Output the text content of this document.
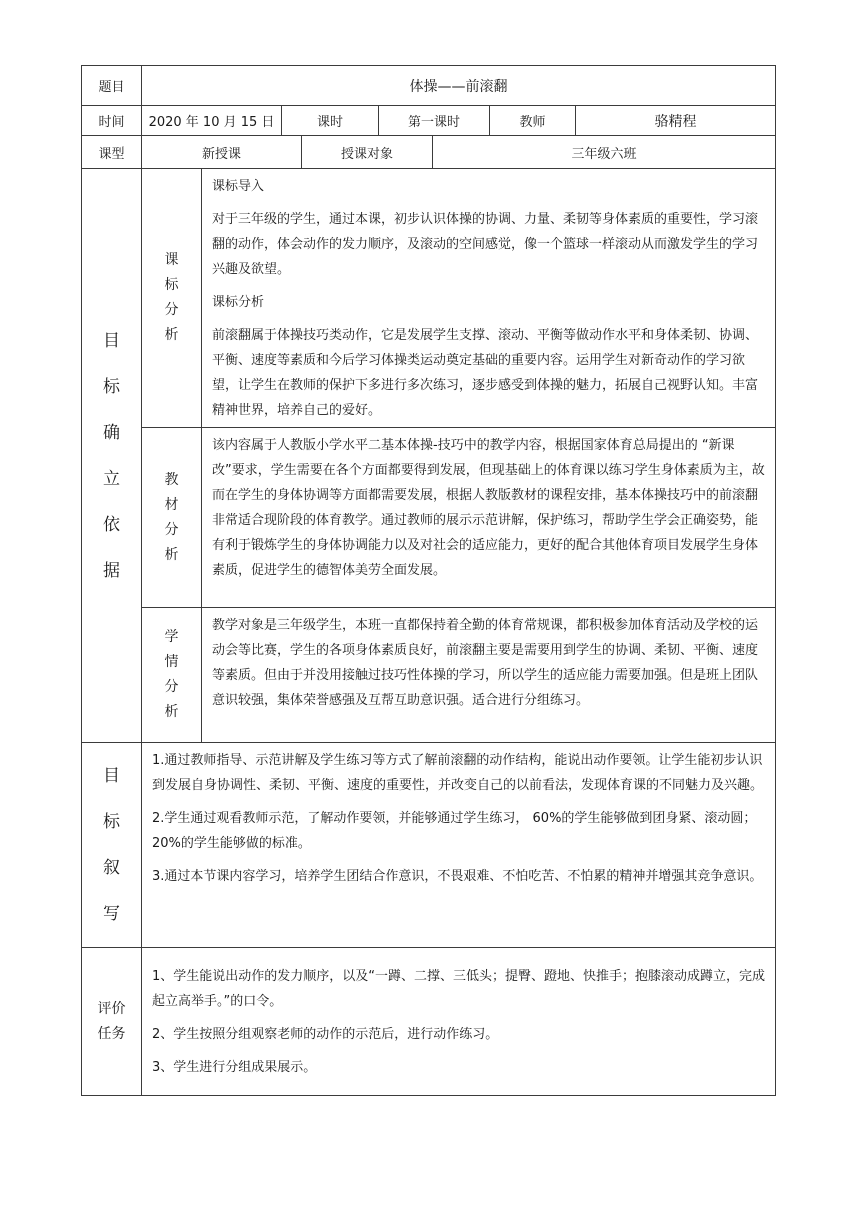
题目	体操——前滚翻							
时间	2020 年 10 月 15 日		课时		第一课时		教师	骆精程
课型	新授课			授课对象		三年级六班		
目标确立依据	课标分析	课标导入

对于三年级的学生，通过本课，初步认识体操的协调、力量、柔韧等身体素质的重要性，学习滚翻的动作，体会动作的发力顺序，及滚动的空间感觉，像一个篮球一样滚动从而激发学生的学习兴趣及欲望。

课标分析

前滚翻属于体操技巧类动作，它是发展学生支撑、滚动、平衡等做动作水平和身体柔韧、协调、平衡、速度等素质和今后学习体操类运动奠定基础的重要内容。运用学生对新奇动作的学习欲望，让学生在教师的保护下多进行多次练习，逐步感受到体操的魅力，拓展自己视野认知。丰富精神世界，培养自己的爱好。						

	教材分析	该内容属于人教版小学水平二基本体操-技巧中的教学内容，根据国家体育总局提出的 “新课改”要求，学生需要在各个方面都要得到发展，但现基础上的体育课以练习学生身体素质为主，故而在学生的身体协调等方面都需要发展，根据人教版教材的课程安排，基本体操技巧中的前滚翻非常适合现阶段的体育教学。通过教师的展示示范讲解，保护练习，帮助学生学会正确姿势，能有利于锻炼学生的身体协调能力以及对社会的适应能力，更好的配合其他体育项目发展学生身体素质，促进学生的德智体美劳全面发展。						

	学情分析	教学对象是三年级学生，本班一直都保持着全勤的体育常规课，都积极参加体育活动及学校的运动会等比赛，学生的各项身体素质良好，前滚翻主要是需要用到学生的协调、柔韧、平衡、速度等素质。但由于并没用接触过技巧性体操的学习，所以学生的适应能力需要加强。但是班上团队意识较强，集体荣誉感强及互帮互助意识强。适合进行分组练习。						

目标叙写	1.通过教师指导、示范讲解及学生练习等方式了解前滚翻的动作结构，能说出动作要领。让学生能初步认识到发展自身协调性、柔韧、平衡、速度的重要性，并改变自己的以前看法，发现体育课的不同魅力及兴趣。

2.学生通过观看教师示范，了解动作要领，并能够通过学生练习， 60%的学生能够做到团身紧、滚动圆；20%的学生能够做的标准。

3.通过本节课内容学习，培养学生团结合作意识，不畏艰难、不怕吃苦、不怕累的精神并增强其竞争意识。							

评价任务	1、学生能说出动作的发力顺序，以及“一蹲、二撑、三低头；提臀、蹬地、快推手；抱膝滚动成蹲立，完成起立高举手。”的口令。

2、学生按照分组观察老师的动作的示范后，进行动作练习。

3、学生进行分组成果展示。							
